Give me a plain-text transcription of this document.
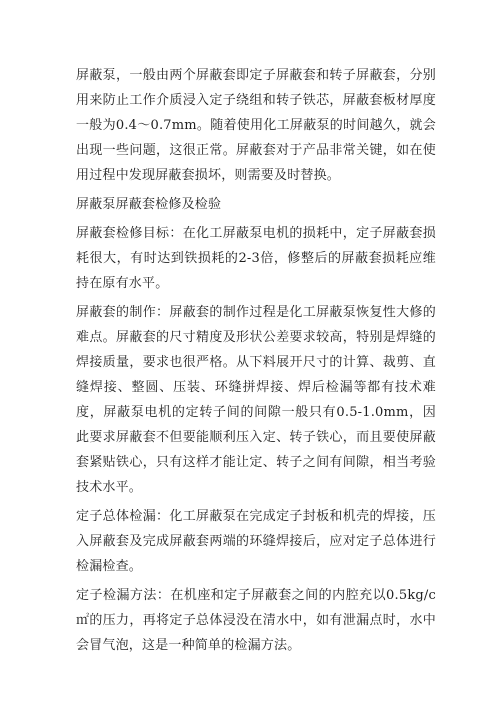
屏蔽泵，一般由两个屏蔽套即定子屏蔽套和转子屏蔽套，分别用来防止工作介质浸入定子绕组和转子铁芯，屏蔽套板材厚度一般为0.4～0.7mm。随着使用化工屏蔽泵的时间越久，就会出现一些问题，这很正常。屏蔽套对于产品非常关键，如在使用过程中发现屏蔽套损坏，则需要及时替换。

屏蔽泵屏蔽套检修及检验

屏蔽套检修目标：在化工屏蔽泵电机的损耗中，定子屏蔽套损耗很大，有时达到铁损耗的2-3倍，修整后的屏蔽套损耗应维持在原有水平。

屏蔽套的制作：屏蔽套的制作过程是化工屏蔽泵恢复性大修的难点。屏蔽套的尺寸精度及形状公差要求较高，特别是焊缝的焊接质量，要求也很严格。从下料展开尺寸的计算、裁剪、直缝焊接、整圆、压装、环缝拼焊接、焊后检漏等都有技术难度，屏蔽泵电机的定转子间的间隙一般只有0.5-1.0mm，因此要求屏蔽套不但要能顺利压入定、转子铁心，而且要使屏蔽套紧贴铁心，只有这样才能让定、转子之间有间隙，相当考验技术水平。

定子总体检漏：化工屏蔽泵在完成定子封板和机壳的焊接，压入屏蔽套及完成屏蔽套两端的环缝焊接后，应对定子总体进行检漏检查。

定子检漏方法：在机座和定子屏蔽套之间的内腔充以0.5kg/c㎡的压力，再将定子总体浸没在清水中，如有泄漏点时，水中会冒气泡，这是一种简单的检漏方法。
